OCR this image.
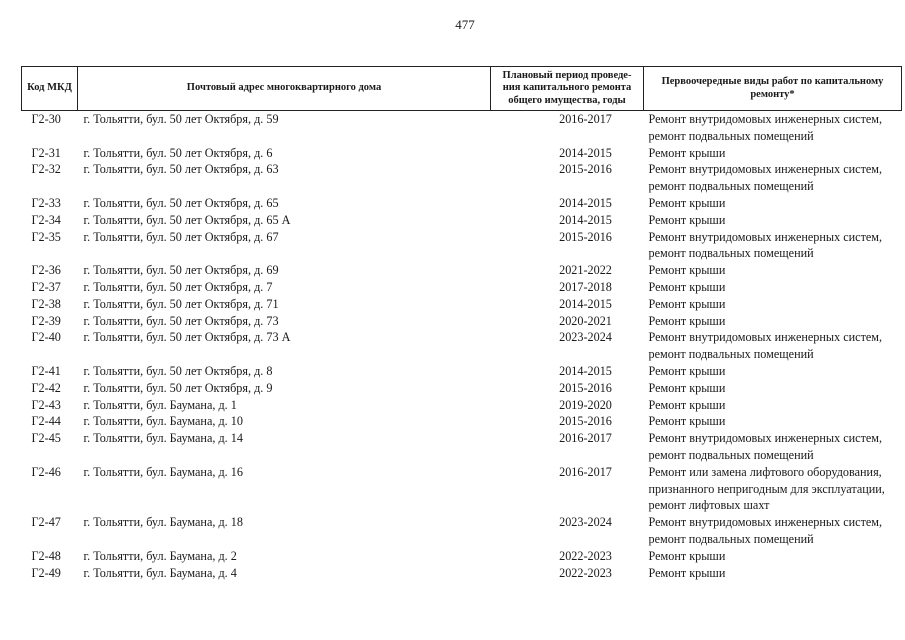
477
Код МКД	Почтовый адрес многоквартирного дома	Плановый период проведе-ния капитального ремонта общего имущества, годы	Первоочередные виды работ по капитальному ремонту*
Г2-30	г. Тольятти, бул. 50 лет Октября, д. 59	2016-2017	Ремонт внутридомовых инженерных систем,
ремонт подвальных помещений

Г2-31	г. Тольятти, бул. 50 лет Октября, д. 6	2014-2015	Ремонт крыши

Г2-32	г. Тольятти, бул. 50 лет Октября, д. 63	2015-2016	Ремонт внутридомовых инженерных систем,
ремонт подвальных помещений

Г2-33	г. Тольятти, бул. 50 лет Октября, д. 65	2014-2015	Ремонт крыши

Г2-34	г. Тольятти, бул. 50 лет Октября, д. 65 А	2014-2015	Ремонт крыши

Г2-35	г. Тольятти, бул. 50 лет Октября, д. 67	2015-2016	Ремонт внутридомовых инженерных систем,
ремонт подвальных помещений

Г2-36	г. Тольятти, бул. 50 лет Октября, д. 69	2021-2022	Ремонт крыши

Г2-37	г. Тольятти, бул. 50 лет Октября, д. 7	2017-2018	Ремонт крыши

Г2-38	г. Тольятти, бул. 50 лет Октября, д. 71	2014-2015	Ремонт крыши

Г2-39	г. Тольятти, бул. 50 лет Октября, д. 73	2020-2021	Ремонт крыши

Г2-40	г. Тольятти, бул. 50 лет Октября, д. 73 А	2023-2024	Ремонт внутридомовых инженерных систем,
ремонт подвальных помещений

Г2-41	г. Тольятти, бул. 50 лет Октября, д. 8	2014-2015	Ремонт крыши

Г2-42	г. Тольятти, бул. 50 лет Октября, д. 9	2015-2016	Ремонт крыши

Г2-43	г. Тольятти, бул. Баумана, д. 1	2019-2020	Ремонт крыши

Г2-44	г. Тольятти, бул. Баумана, д. 10	2015-2016	Ремонт крыши

Г2-45	г. Тольятти, бул. Баумана, д. 14	2016-2017	Ремонт внутридомовых инженерных систем,
ремонт подвальных помещений

Г2-46	г. Тольятти, бул. Баумана, д. 16	2016-2017	Ремонт или замена лифтового оборудования,
признанного непригодным для эксплуатации,
ремонт лифтовых шахт

Г2-47	г. Тольятти, бул. Баумана, д. 18	2023-2024	Ремонт внутридомовых инженерных систем,
ремонт подвальных помещений

Г2-48	г. Тольятти, бул. Баумана, д. 2	2022-2023	Ремонт крыши

Г2-49	г. Тольятти, бул. Баумана, д. 4	2022-2023	Ремонт крыши
